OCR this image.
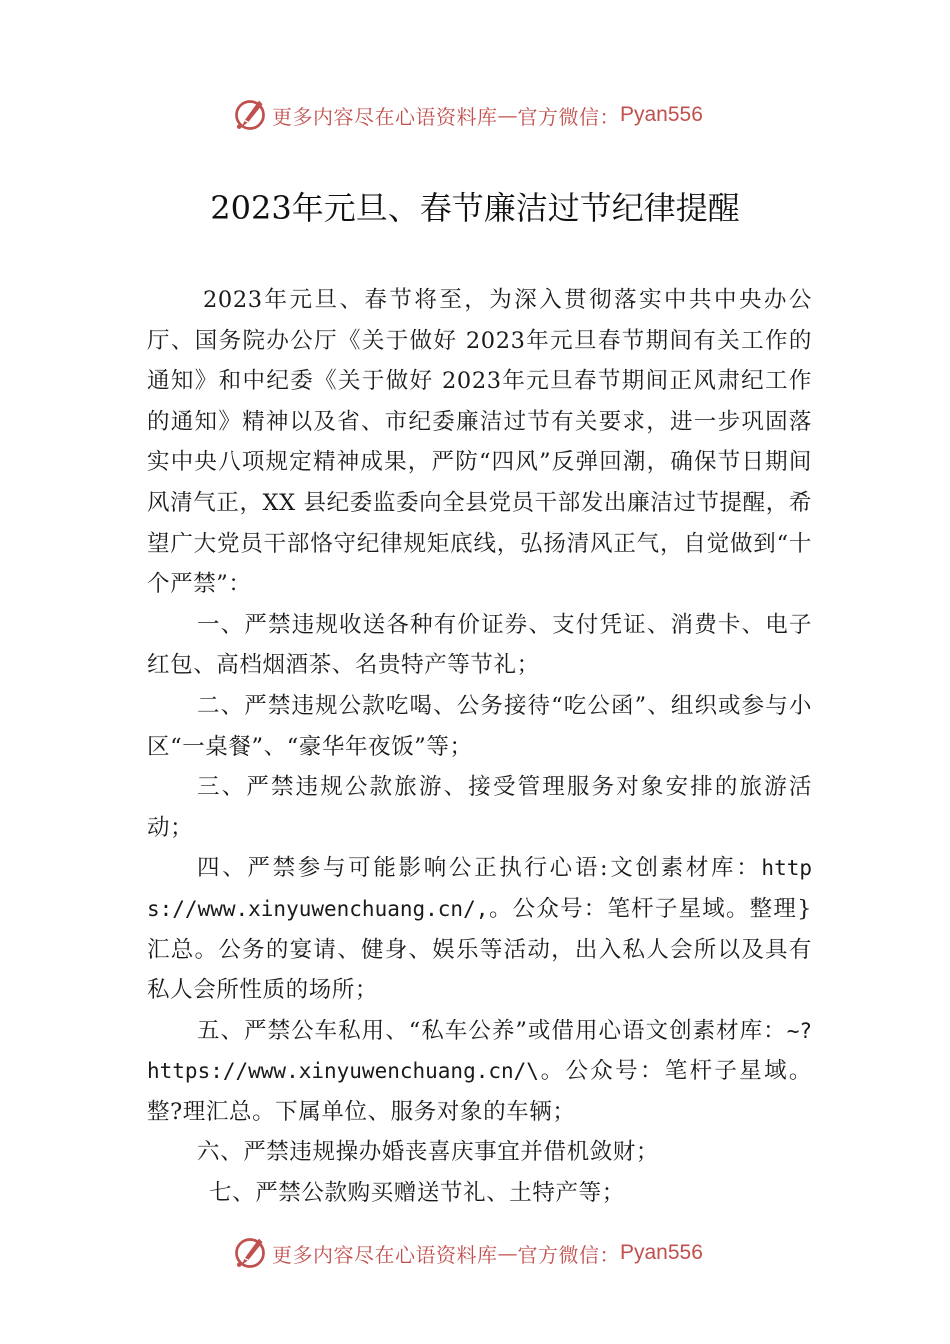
更多内容尽在心语资料库 — 官方微信： Pyan556
2023年元旦、春节廉洁过节纪律提醒

2023年元旦、春节将至，为深入贯彻落实中共中央办公厅、国务院办公厅《关于做好 2023年元旦春节期间有关工作的通知》和中纪委《关于做好 2023年元旦春节期间正风肃纪工作的通知》精神以及省、市纪委廉洁过节有关要求，进一步巩固落实中央八项规定精神成果，严防“四风”反弹回潮，确保节日期间风清气正，XX 县纪委监委向全县党员干部发出廉洁过节提醒，希望广大党员干部恪守纪律规矩底线，弘扬清风正气，自觉做到“十个严禁”：

一、严禁违规收送各种有价证券、支付凭证、消费卡、电子红包、高档烟酒茶、名贵特产等节礼；

二、严禁违规公款吃喝、公务接待“吃公函”、组织或参与小区“一桌餐”、“豪华年夜饭”等；

三、严禁违规公款旅游、接受管理服务对象安排的旅游活动；

四、严禁参与可能影响公正执行心语:文创素材库：https://www.xinyuwenchuang.cn/,。公众号：笔杆子星域。整理}汇总。公务的宴请、健身、娱乐等活动，出入私人会所以及具有私人会所性质的场所；

五、严禁公车私用、“私车公养”或借用心语文创素材库：~?https://www.xinyuwenchuang.cn/\。公众号：笔杆子星域。整?理汇总。下属单位、服务对象的车辆；

六、严禁违规操办婚丧喜庆事宜并借机敛财；

七、严禁公款购买赠送节礼、土特产等；

更多内容尽在心语资料库 — 官方微信： Pyan556
